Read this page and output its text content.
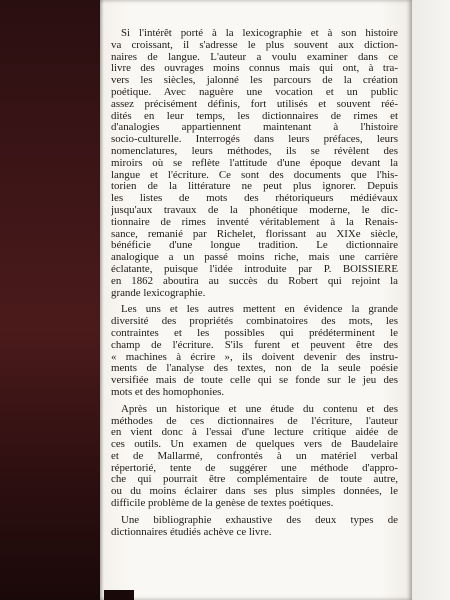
Si l'intérêt porté à la lexicographie et à son histoire
va croissant, il s'adresse le plus souvent aux diction-
naires de langue. L'auteur a voulu examiner dans ce
livre des ouvrages moins connus mais qui ont, à tra-
vers les siècles, jalonné les parcours de la création
poétique. Avec naguère une vocation et un public
assez précisément définis, fort utilisés et souvent réé-
dités en leur temps, les dictionnaires de rimes et
d'analogies appartiennent maintenant à l'histoire
socio-culturelle. Interrogés dans leurs préfaces, leurs
nomenclatures, leurs méthodes, ils se révèlent des
miroirs où se reflète l'attitude d'une époque devant la
langue et l'écriture. Ce sont des documents que l'his-
torien de la littérature ne peut plus ignorer. Depuis
les listes de mots des rhétoriqueurs médiévaux
jusqu'aux travaux de la phonétique moderne, le dic-
tionnaire de rimes inventé véritablement à la Renais-
sance, remanié par Richelet, florissant au XIXe siècle,
bénéficie d'une longue tradition. Le dictionnaire
analogique a un passé moins riche, mais une carrière
éclatante, puisque l'idée introduite par P. BOISSIERE
en 1862 aboutira au succès du Robert qui rejoint la
grande lexicographie.
Les uns et les autres mettent en évidence la grande
diversité des propriétés combinatoires des mots, les
contraintes et les possibles qui prédéterminent le
champ de l'écriture. S'ils furent et peuvent être des
« machines à écrire », ils doivent devenir des instru-
ments de l'analyse des textes, non de la seule poésie
versifiée mais de toute celle qui se fonde sur le jeu des
mots et des homophonies.
Après un historique et une étude du contenu et des
méthodes de ces dictionnaires de l'écriture, l'auteur
en vient donc à l'essai d'une lecture critique aidée de
ces outils. Un examen de quelques vers de Baudelaire
et de Mallarmé, confrontés à un matériel verbal
répertorié, tente de suggérer une méthode d'appro-
che qui pourrait être complémentaire de toute autre,
ou du moins éclairer dans ses plus simples données, le
difficile problème de la genèse de textes poétiques.
Une bibliographie exhaustive des deux types de
dictionnaires étudiés achève ce livre.
